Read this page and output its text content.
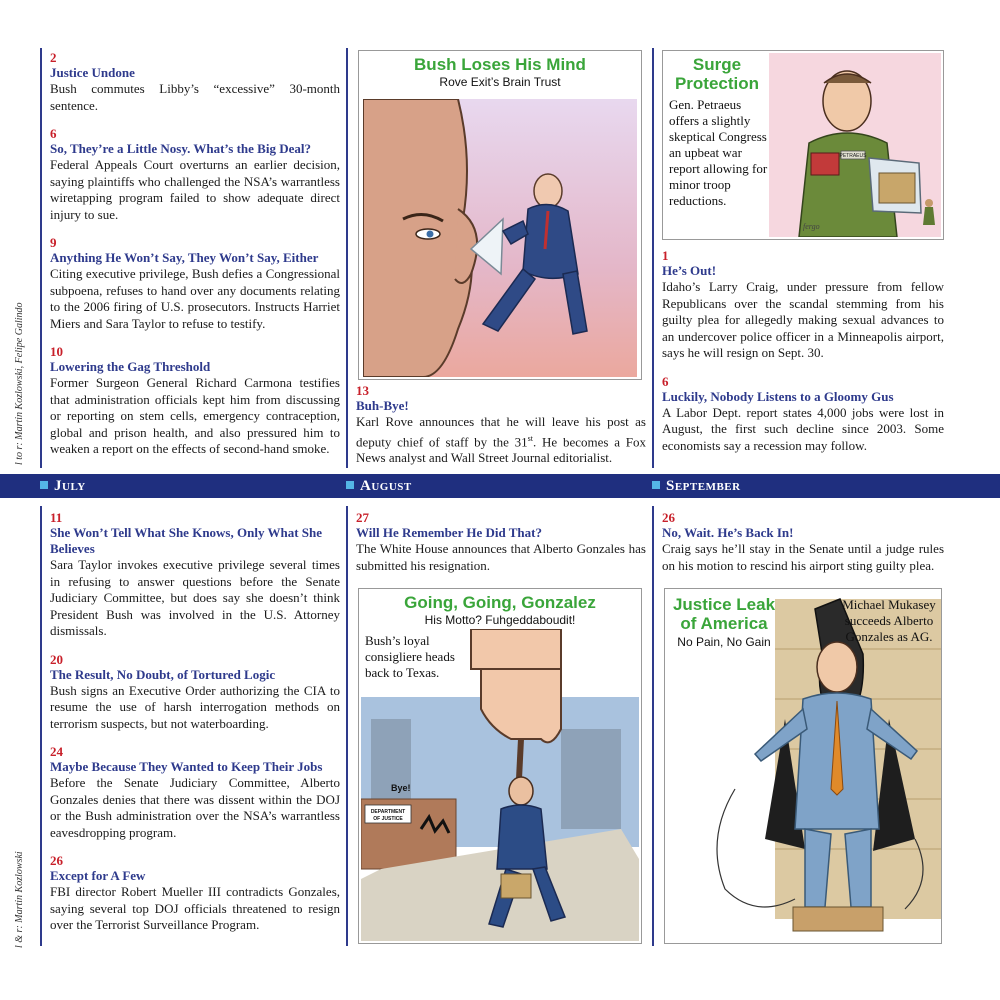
l to r: Martin Kozlowski, Felipe Galindo
l & r: Martin Kozlowski
2
Justice Undone
Bush commutes Libby’s “excessive” 30-month sentence.
6
So, They’re a Little Nosy. What’s the Big Deal?
Federal Appeals Court overturns an earlier decision, saying plaintiffs who challenged the NSA’s warrantless wiretapping program failed to show adequate direct injury to sue.
9
Anything He Won’t Say, They Won’t Say, Either
Citing executive privilege, Bush defies a Congressional subpoena, refuses to hand over any documents relating to the 2006 firing of U.S. prosecutors. Instructs Harriet Miers and Sara Taylor to refuse to testify.
10
Lowering the Gag Threshold
Former Surgeon General Richard Carmona testifies that administration officials kept him from discussing or reporting on stem cells, emergency contraception, global and prison health, and also pressured him to weaken a report on the effects of second-hand smoke.
Bush Loses His Mind
Rove Exit’s Brain Trust
13
Buh-Bye!
Karl Rove announces that he will leave his post as deputy chief of staff by the 31st. He becomes a Fox News analyst and Wall Street Journal editorialist.
Surge
Protection
Gen. Petraeus offers a slightly skeptical Congress an upbeat war report allowing for minor troop reductions.
PETRAEUS
fergo
1
He’s Out!
Idaho’s Larry Craig, under pressure from fellow Republicans over the scandal stemming from his guilty plea for allegedly making sexual advances to an undercover police officer in a Minneapolis airport, says he will resign on Sept. 30.
6
Luckily, Nobody Listens to a Gloomy Gus
A Labor Dept. report states 4,000 jobs were lost in August, the first such decline since 2003. Some economists say a recession may follow.
July	August	September
11
She Won’t Tell What She Knows, Only What She Believes
Sara Taylor invokes executive privilege several times in refusing to answer questions before the Senate Judiciary Committee, but does say she doesn’t think President Bush was involved in the U.S. Attorney dismissals.
20
The Result, No Doubt, of Tortured Logic
Bush signs an Executive Order authorizing the CIA to resume the use of harsh interrogation methods on terrorism suspects, but not waterboarding.
24
Maybe Because They Wanted to Keep Their Jobs
Before the Senate Judiciary Committee, Alberto Gonzales denies that there was dissent within the DOJ or the Bush administration over the NSA’s warrantless eavesdropping program.
26
Except for A Few
FBI director Robert Mueller III contradicts Gonzales, saying several top DOJ officials threatened to resign over the Terrorist Surveillance Program.
27
Will He Remember He Did That?
The White House announces that Alberto Gonzales has submitted his resignation.
Going, Going, Gonzalez
His Motto? Fuhgeddaboudit!
DEPARTMENT
OF JUSTICE
Bye!
Bush’s loyal consigliere heads back to Texas.
26
No, Wait. He’s Back In!
Craig says he’ll stay in the Senate until a judge rules on his motion to rescind his airport sting guilty plea.
Justice Leak
of America
No Pain, No Gain
Michael Mukasey succeeds Alberto Gonzales as AG.
